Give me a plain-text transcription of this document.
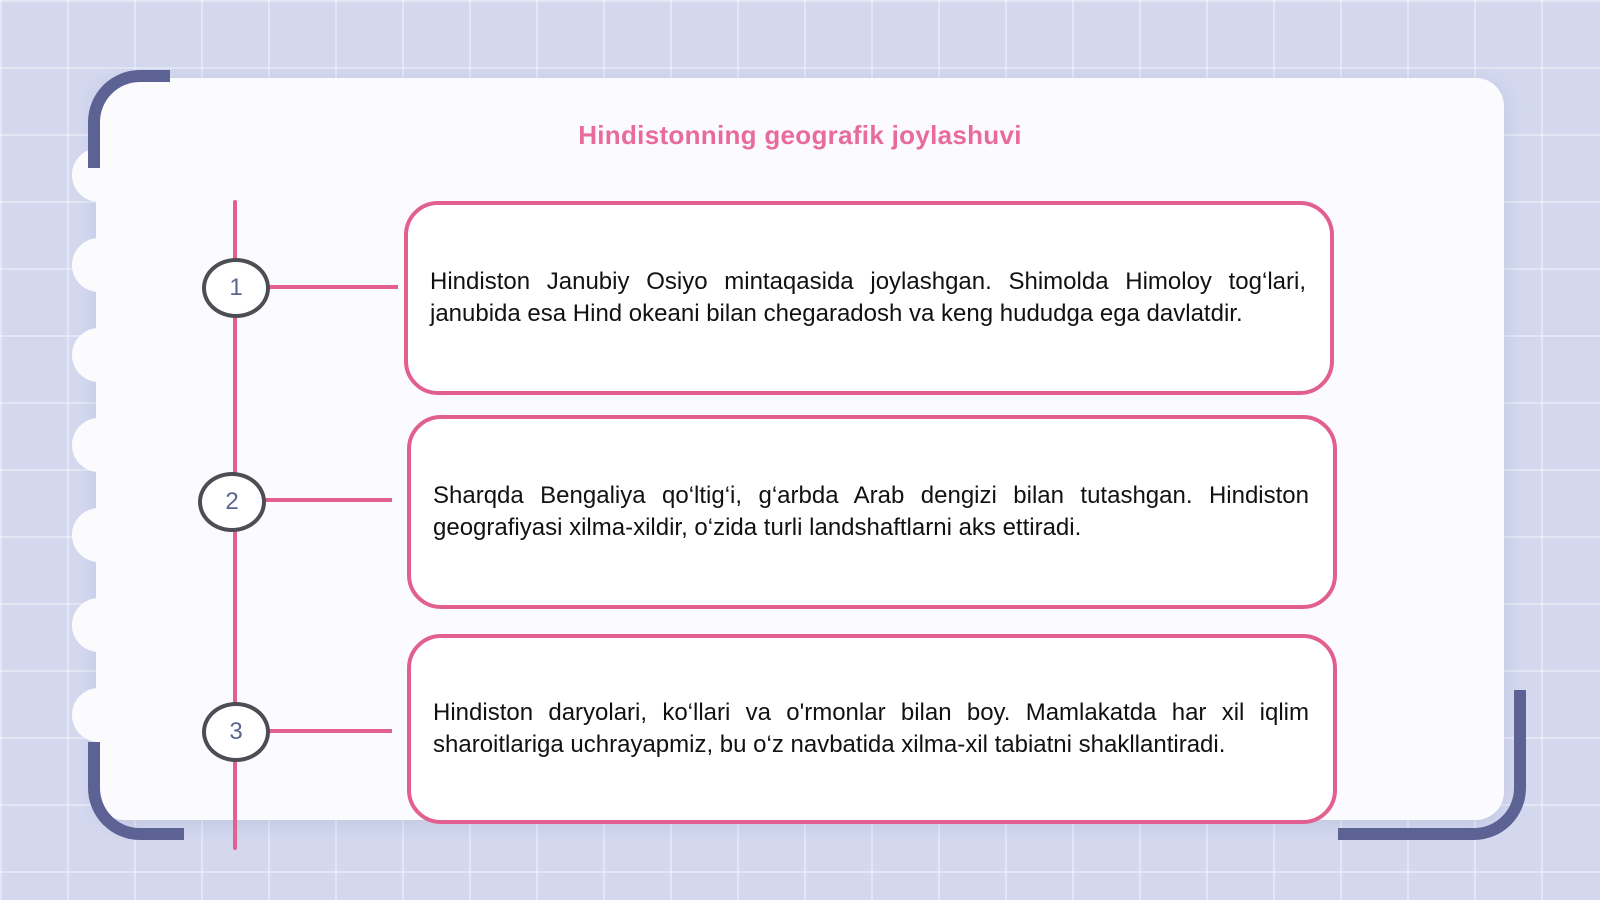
Hindistonning geografik joylashuvi
1	Hindiston Janubiy Osiyo mintaqasida joylashgan. Shimolda Himoloy tog‘lari, janubida esa Hind okeani bilan chegaradosh va keng hududga ega davlatdir.
2	Sharqda Bengaliya qo‘ltig‘i, g‘arbda Arab dengizi bilan tutashgan. Hindiston geografiyasi xilma-xildir, o‘zida turli landshaftlarni aks ettiradi.
3
Hindiston daryolari, ko‘llari va o'rmonlar bilan boy. Mamlakatda har xil iqlim sharoitlariga uchrayapmiz, bu o‘z navbatida xilma-xil tabiatni shakllantiradi.
